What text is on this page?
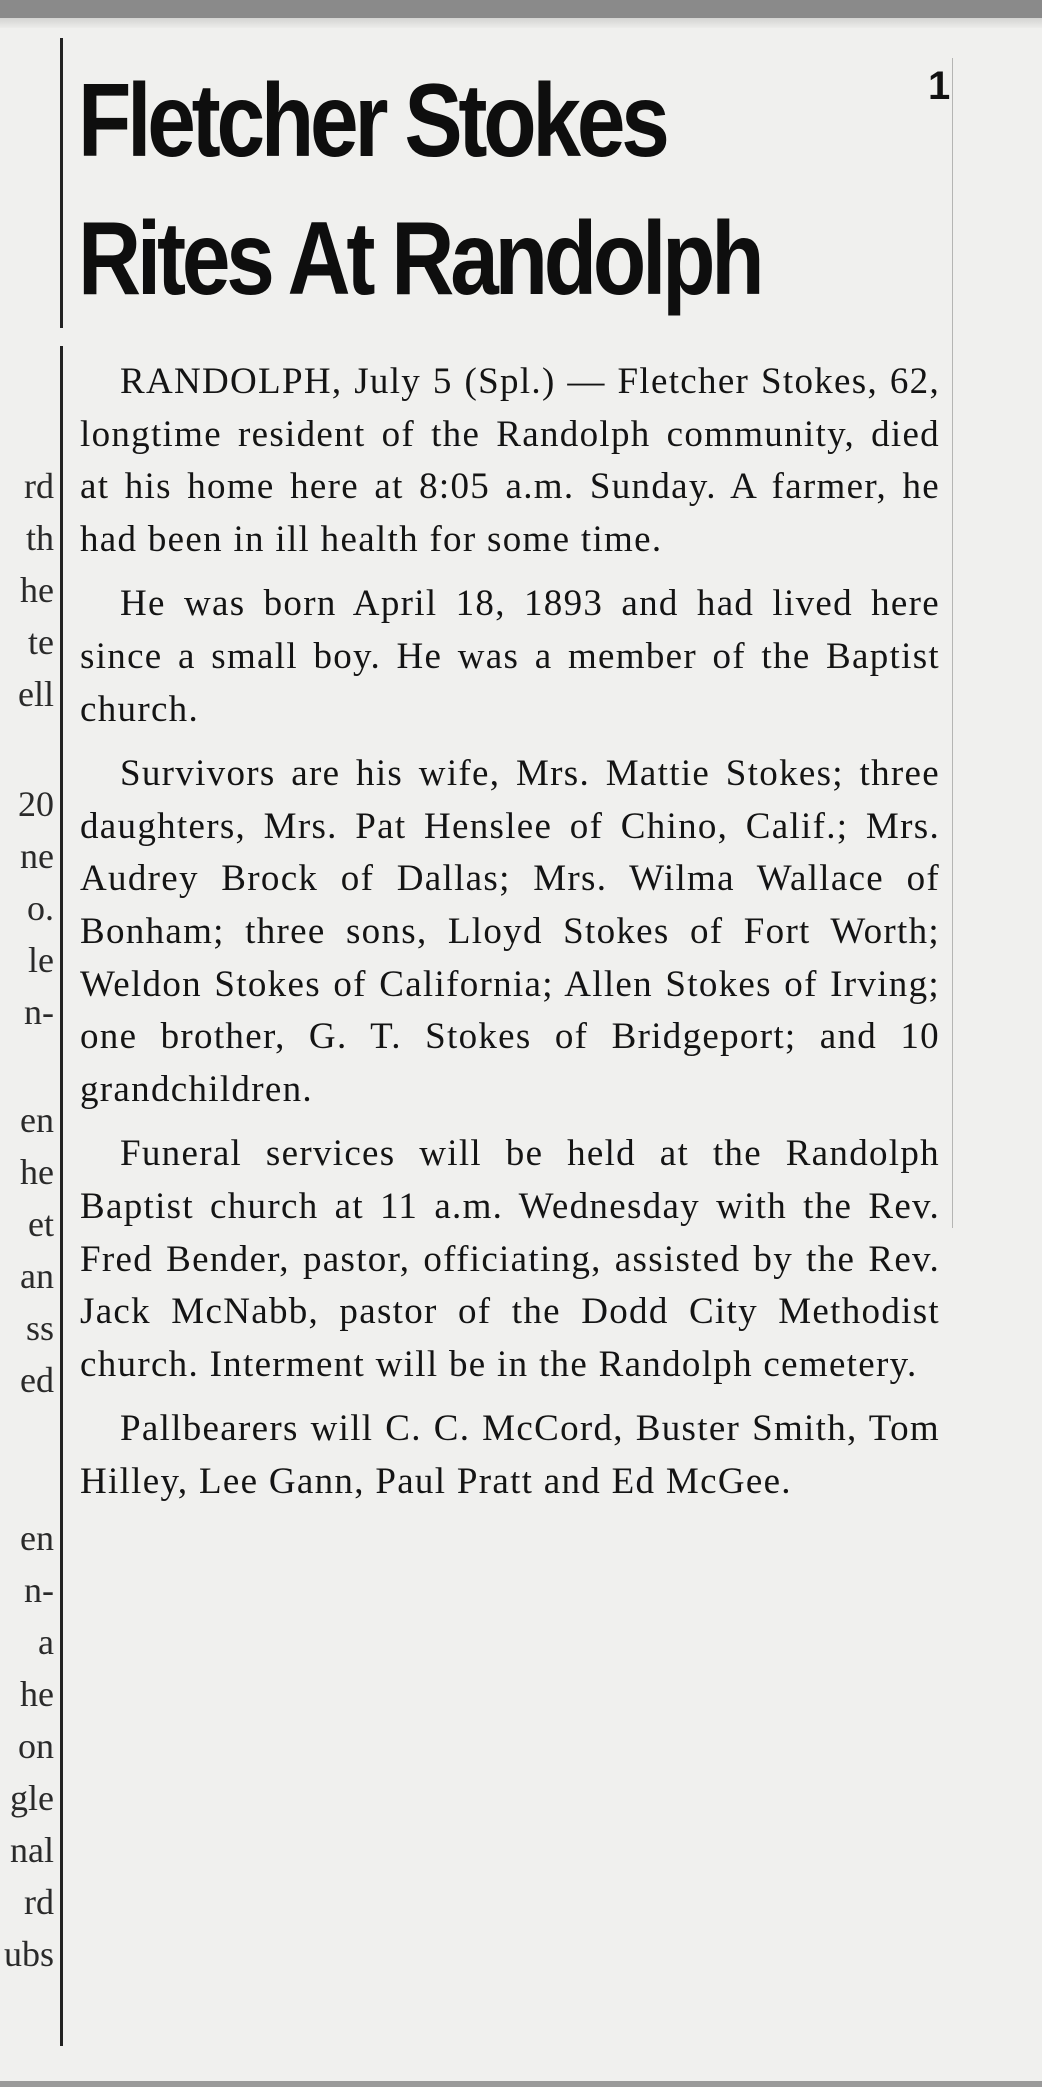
rd
th
he
te
ell
20
ne
o.
le
n-
en
he
et
an
ss
ed
en
n-
a
he
on
gle
nal
rd
ubs
1
Fletcher Stokes
Rites At Randolph

RANDOLPH, July 5 (Spl.) — Fletcher Stokes, 62, longtime resident of the Randolph community, died at his home here at 8:05 a.m. Sunday. A farmer, he had been in ill health for some time.

He was born April 18, 1893 and had lived here since a small boy. He was a member of the Baptist church.

Survivors are his wife, Mrs. Mattie Stokes; three daughters, Mrs. Pat Henslee of Chino, Calif.; Mrs. Audrey Brock of Dallas; Mrs. Wilma Wallace of Bonham; three sons, Lloyd Stokes of Fort Worth; Weldon Stokes of California; Allen Stokes of Irving; one brother, G. T. Stokes of Bridgeport; and 10 grandchildren.

Funeral services will be held at the Randolph Baptist church at 11 a.m. Wednesday with the Rev. Fred Bender, pastor, officiating, assisted by the Rev. Jack McNabb, pastor of the Dodd City Methodist church. Interment will be in the Randolph cemetery.

Pallbearers will C. C. McCord, Buster Smith, Tom Hilley, Lee Gann, Paul Pratt and Ed McGee.
